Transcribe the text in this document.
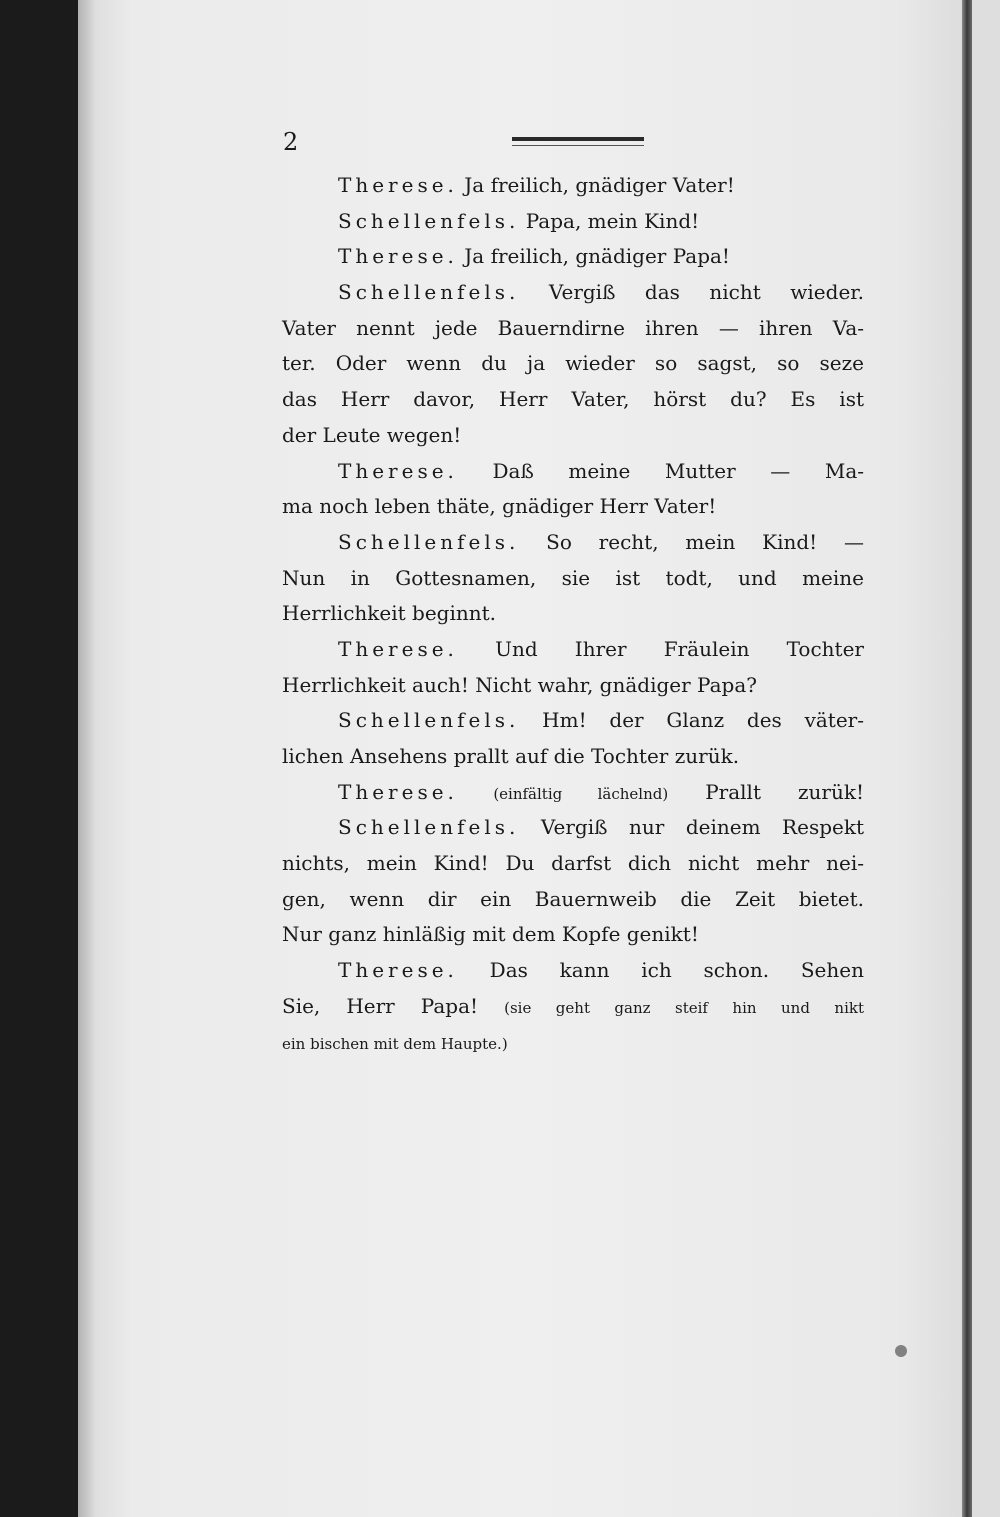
2
Therese. Ja freilich, gnädiger Vater!
Schellenfels. Papa, mein Kind!
Therese. Ja freilich, gnädiger Papa!
Schellenfels. Vergiß das nicht wieder.
Vater nennt jede Bauerndirne ihren — ihren Va-
ter. Oder wenn du ja wieder so sagst, so seze
das Herr davor, Herr Vater, hörst du? Es ist
der Leute wegen!
Therese. Daß meine Mutter — Ma-
ma noch leben thäte, gnädiger Herr Vater!
Schellenfels. So recht, mein Kind! —
Nun in Gottesnamen, sie ist todt, und meine
Herrlichkeit beginnt.
Therese. Und Ihrer Fräulein Tochter
Herrlichkeit auch! Nicht wahr, gnädiger Papa?
Schellenfels. Hm! der Glanz des väter-
lichen Ansehens prallt auf die Tochter zurük.
Therese. (einfältig lächelnd) Prallt zurük!
Schellenfels. Vergiß nur deinem Respekt
nichts, mein Kind! Du darfst dich nicht mehr nei-
gen, wenn dir ein Bauernweib die Zeit bietet.
Nur ganz hinläßig mit dem Kopfe genikt!
Therese. Das kann ich schon. Sehen
Sie, Herr Papa! (sie geht ganz steif hin und nikt
ein bischen mit dem Haupte.)
